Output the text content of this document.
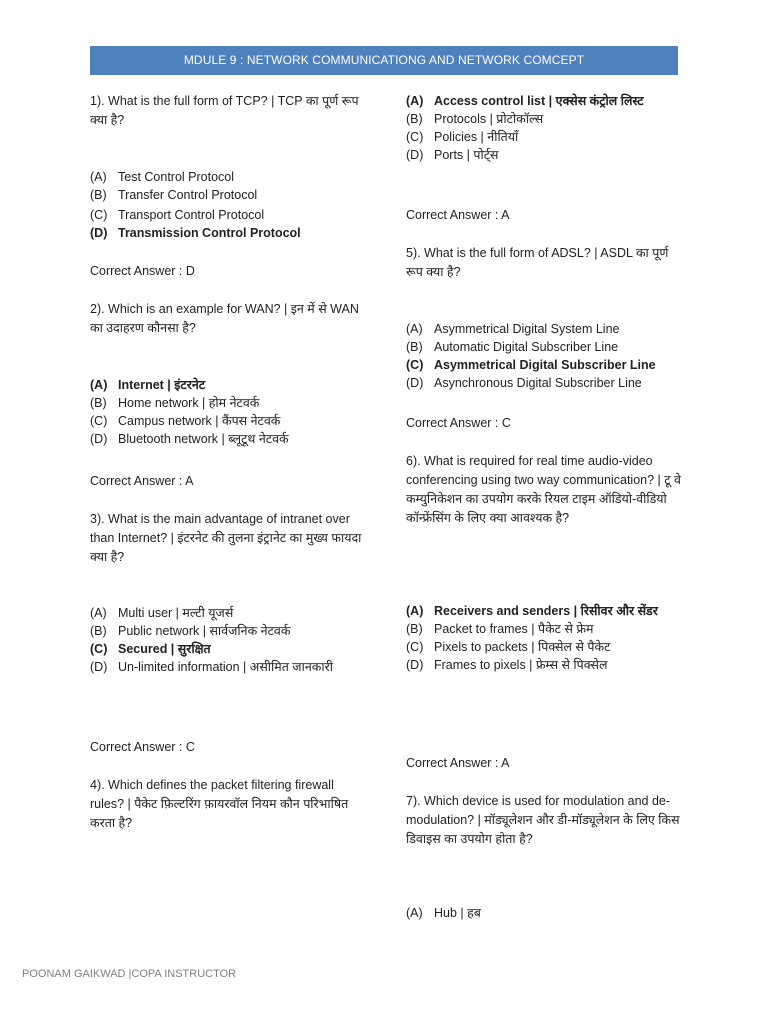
MDULE 9 : NETWORK COMMUNICATIONG AND NETWORK COMCEPT

1). What is the full form of TCP? | TCP का पूर्ण रूप क्या है?

(A) Test Control Protocol

(B) Transfer Control Protocol

(C) Transport Control Protocol

(D) Transmission Control Protocol

Correct Answer : D

2). Which is an example for WAN? | इन में से WAN का उदाहरण कौनसा है?

(A) Internet | इंटरनेट

(B) Home network | होम नेटवर्क

(C) Campus network | कैंपस नेटवर्क

(D) Bluetooth network | ब्लूटूथ नेटवर्क

Correct Answer : A

3). What is the main advantage of intranet over than Internet? | इंटरनेट की तुलना इंट्रानेट का मुख्य फायदा क्या है?

(A) Multi user | मल्टी यूजर्स

(B) Public network | सार्वजनिक नेटवर्क

(C) Secured | सुरक्षित

(D) Un-limited information | असीमित जानकारी

Correct Answer : C

4). Which defines the packet filtering firewall rules? | पैकेट फ़िल्टरिंग फ़ायरवॉल नियम कौन परिभाषित करता है?

(A) Access control list | एक्सेस कंट्रोल लिस्ट

(B) Protocols | प्रोटोकॉल्स

(C) Policies | नीतियाँ

(D) Ports | पोर्ट्स

Correct Answer : A

5). What is the full form of ADSL? | ASDL का पूर्ण रूप क्या है?

(A) Asymmetrical Digital System Line

(B) Automatic Digital Subscriber Line

(C) Asymmetrical Digital Subscriber Line

(D) Asynchronous Digital Subscriber Line

Correct Answer : C

6). What is required for real time audio-video conferencing using two way communication? | टू वे कम्युनिकेशन का उपयोग करके रियल टाइम ऑडियो-वीडियो कॉन्फ्रेंसिंग के लिए क्या आवश्यक है?

(A) Receivers and senders | रिसीवर और सेंडर

(B) Packet to frames | पैकेट से फ्रेम

(C) Pixels to packets | पिक्सेल से पैकेट

(D) Frames to pixels | फ्रेम्स से पिक्सेल

Correct Answer : A

7). Which device is used for modulation and de-modulation? | मॉड्यूलेशन और डी-मॉड्यूलेशन के लिए किस डिवाइस का उपयोग होता है?

(A) Hub | हब

POONAM GAIKWAD |COPA INSTRUCTOR
